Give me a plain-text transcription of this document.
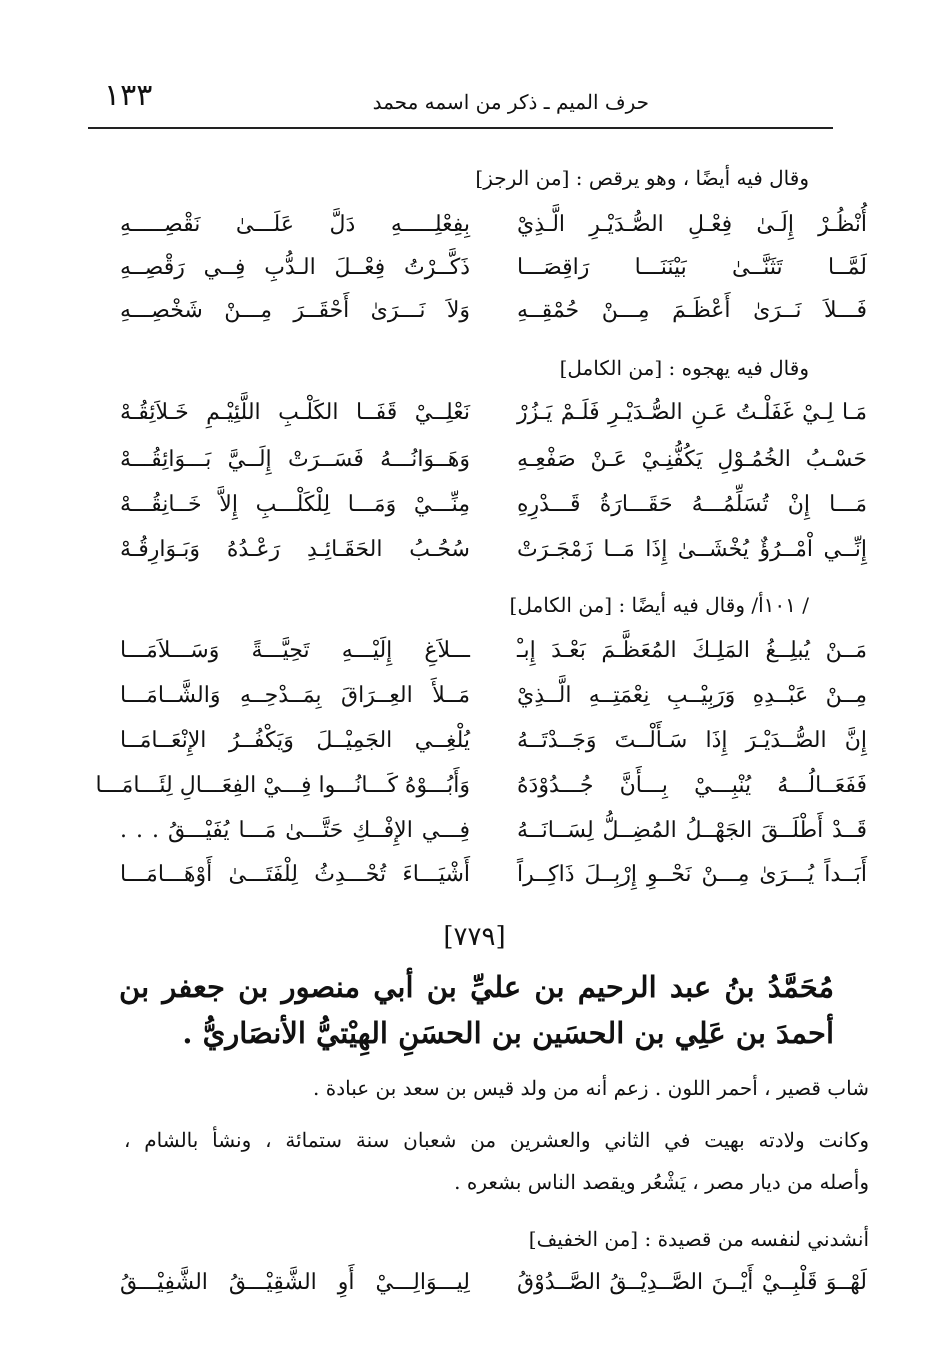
١٣٣	حرف الميم ـ ذكر من اسمه محمد
وقال فيه أيضًا ، وهو يرقص : [من الرجز]
أُنْظُـرْ إِلَـىٰ فِعْـلِ الصُّـدَيْـرِ الَّـذِيْ
بِفِعْلِـــــهِ دَلَّ عَلَـــىٰ نَقْصِـــــهِ
لَمَّــا تَثَنَّــىٰ بَيْنَنَـــا رَاقِصَـــا
ذَكَّــرْتُ فِعْــلَ الـدُّبِ فِــي رَقْصِــهِ
فَـــلاَ نَــرَىٰ أَعْظَـمَ مِـــنْ حُمْقِــهِ
وَلاَ نَـــرَىٰ أَحْقَــرَ مِـــنْ شَخْصِـــهِ
وقال فيه يهجوه : [من الكامل]
مَـا لِـيْ غَفَلْـتُ عَـنِ الصُّـدَيْـرِ فَلَـمْ يَـزُرْ
نَعْلِــيْ قَفَــا الكَلْـبِ اللَّئِيْـمِ خَـلاَئِقُـهْ
حَسْـبُ الخُمُـوْلِ يَكُفُّنِـيْ عَـنْ صَفْعِـهِ
وَهَــوَانُـــهُ فَسَــرَتْ إِلَــيَّ بَـــوَائِقُـــهْ
مَـــا إِنْ تُسَلِّمُـــهُ حَقَـــارَةُ قَـــدْرِهِ
مِنِّـــيْ وَمَـــا لِلْكَلْـــبِ إِلاَّ خَــانِقُـــهْ
إِنِّــي اْمْــرُؤٌ يُخْشَــىٰ إِذَا مَــا زَمْجَـرَتْ
سُحُـبُ الحَقَـائِـدِ رَعْـدُهُ وَبَـوَارِقُـهْ
/ ١٠١أ/ وقال فيه أيضًا : [من الكامل]
مَــنْ يُبلِــغُ المَلِـكَ المُعَظَّـمَ بَعْـدَ إِبـْ
ـــلاَغِ إِلَيْـــهِ تَحِيَّـــةً وَسَـــلاَمَـــا
مِــنْ عَبْــدِهِ وَرَبِيْــبِ نِعْمَتِــهِ الَّــذِيْ
مَــلأَ العِــرَاقَ بِمَــدْحِــهِ وَالشَّــامَـــا
إِنَّ الصُّــدَيْـرَ إِذَا سَـأَلْــتَ وَجَــدْتَــهُ
يُلْغِــي الجَمِيْــلَ وَيَكْفُــرُ الإِنْعَــامَــا
فَفَعَــالُـــهُ يُنْبِـــيْ بِـــأَنَّ جُـــدُوْدَهُ
وَأَبُـــوْهُ كَـــانُـــوا فِـــيْ الفِعَـــالِ لِئَـــامَـــا
قَــدْ أَطْلَــقَ الجَهْــلُ المُضِــلُّ لِسَــانَــهُ
فِـــي الإِفْــكِ حَتَّـــىٰ مَـــا يُفَيْـــقُ . . .
أَبَــداً يُـــرَىٰ مِـــنْ نَحْــوِ إِرْبِــلَ ذَاكِــراً
أَشْيَـــاءَ تُحْـــدِثُ لِلْفَتَـــىٰ أَوْهَـــامَـــا
[٧٧٩]
مُحَمَّدُ بنُ عبد الرحيم بن عليِّ بن أبي منصور بن جعفر بن
أحمدَ بن عَلِي بن الحسَين بن الحسَنِ الهِيْتيُّ الأنصَاريُّ .
شاب قصير ، أحمر اللون . زعم أنه من ولد قيس بن سعد بن عبادة .
وكانت ولادته بهيت في الثاني والعشرين من شعبان سنة ستمائة ، ونشأ بالشام ،
وأصله من ديار مصر ، يَشْعُر ويقصد الناس بشعره .
أنشدني لنفسه من قصيدة : [من الخفيف]
لَهْــوَ قَلْبِــيْ أَيْــنَ الصَّــدِيْــقُ الصَّــدُوْقُ
لِيـــوَالِـــيْ أَوِ الشَّقِيْـــقُ الشَّفِيْـــقُ
